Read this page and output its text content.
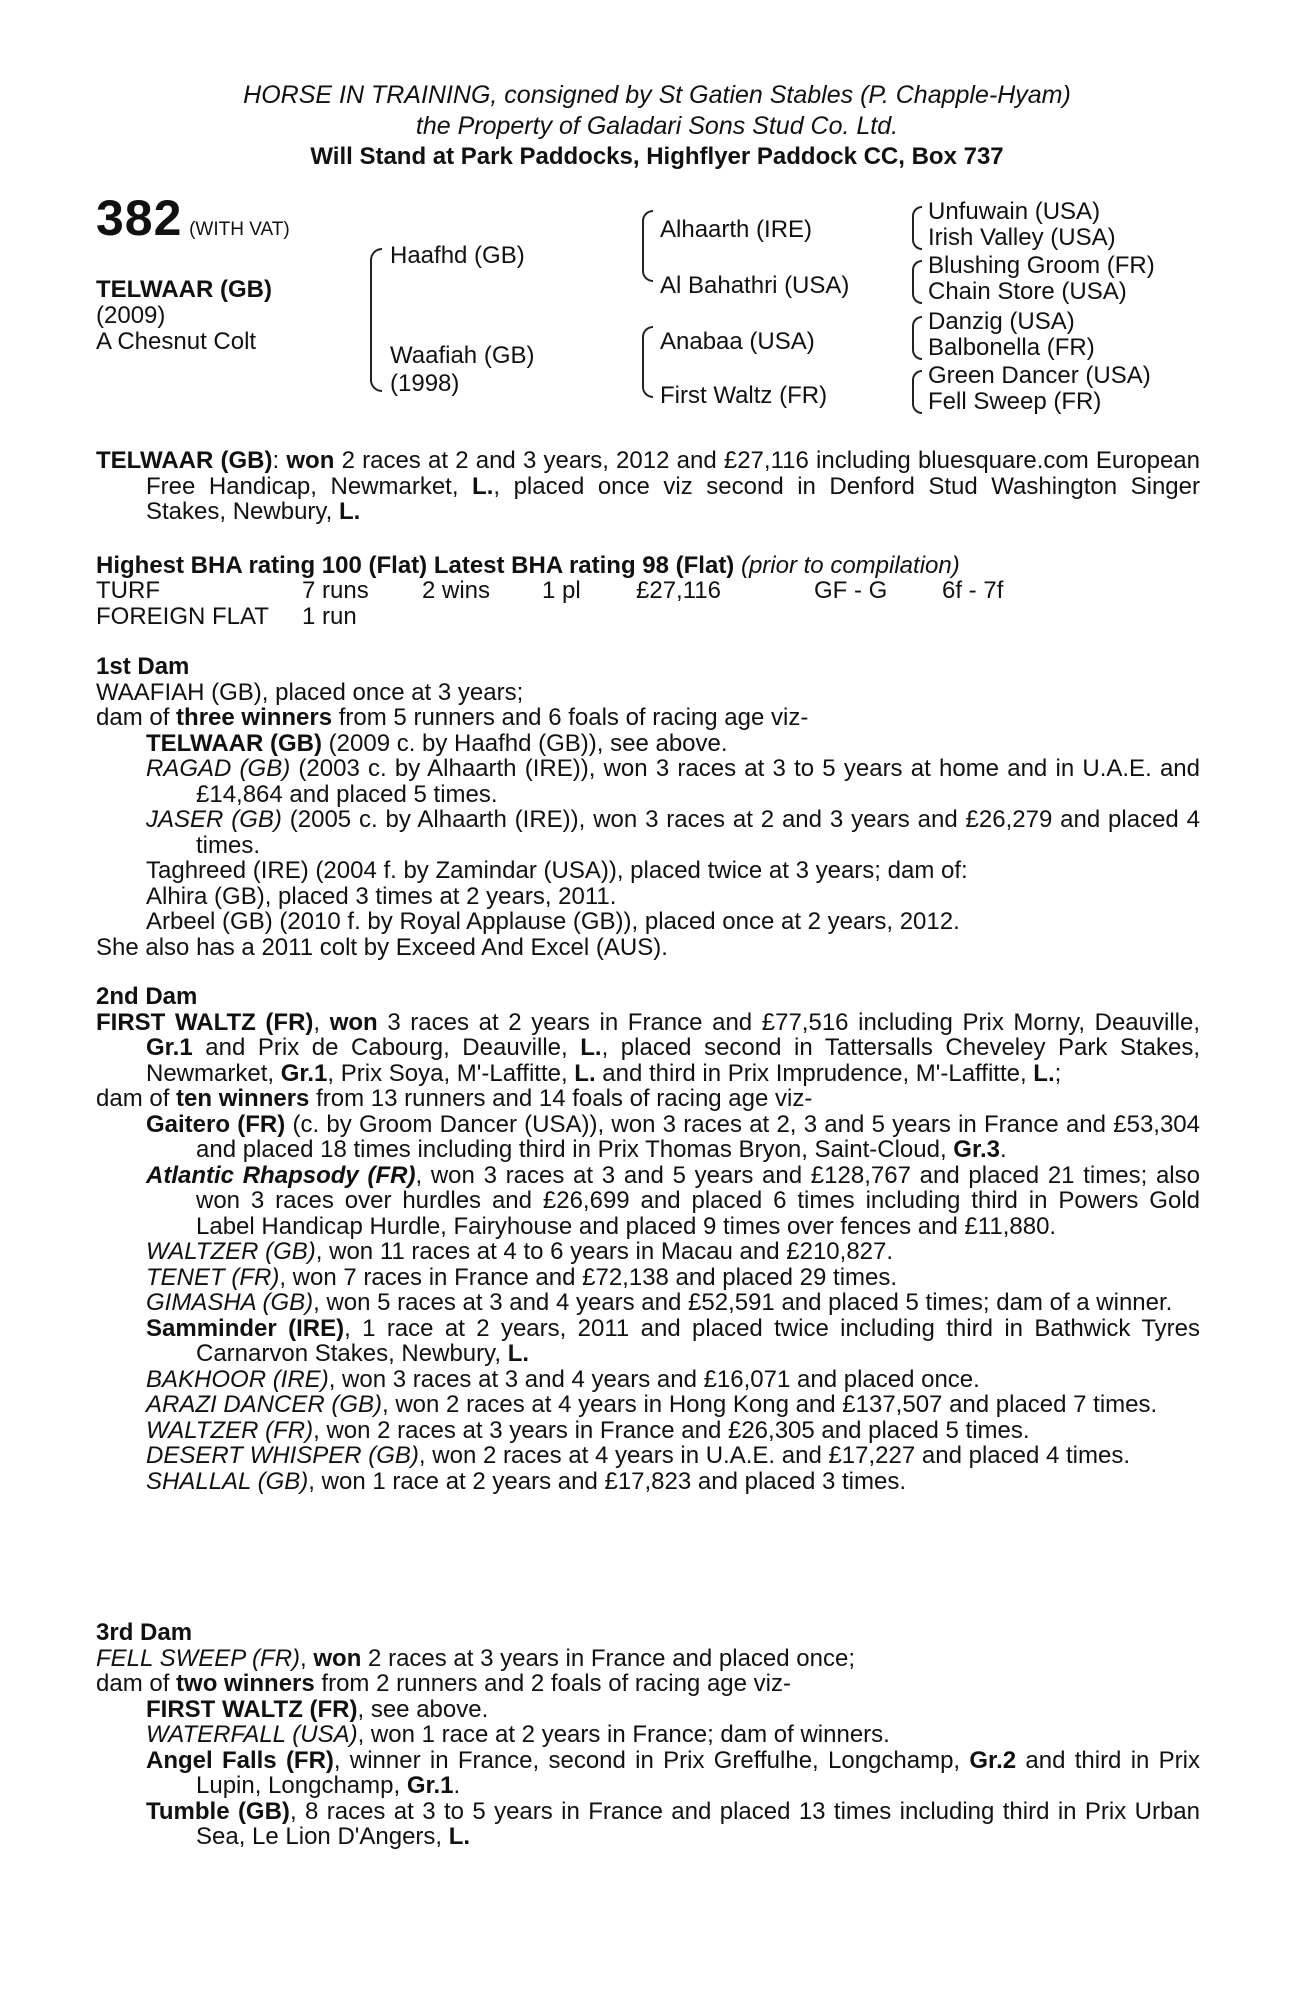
HORSE IN TRAINING, consigned by St Gatien Stables (P. Chapple-Hyam)
the Property of Galadari Sons Stud Co. Ltd.
Will Stand at Park Paddocks, Highflyer Paddock CC, Box 737
382 (WITH VAT)
TELWAAR (GB)
(2009)
A Chesnut Colt
Haafhd (GB)
Waafiah (GB)
(1998)
Alhaarth (IRE)
Al Bahathri (USA)
Anabaa (USA)
First Waltz (FR)
Unfuwain (USA)
Irish Valley (USA)
Blushing Groom (FR)
Chain Store (USA)
Danzig (USA)
Balbonella (FR)
Green Dancer (USA)
Fell Sweep (FR)

TELWAAR (GB): won 2 races at 2 and 3 years, 2012 and £27,116 including bluesquare.com European Free Handicap, Newmarket, L., placed once viz second in Denford Stud Washington Singer Stakes, Newbury, L.

Highest BHA rating 100 (Flat) Latest BHA rating 98 (Flat) (prior to compilation)

TURF	7 runs 2 wins 1 pl £27,116	GF - G 6f - 7f
FOREIGN FLAT 1 run

1st Dam

WAAFIAH (GB), placed once at 3 years;

dam of three winners from 5 runners and 6 foals of racing age viz-

TELWAAR (GB) (2009 c. by Haafhd (GB)), see above.

RAGAD (GB) (2003 c. by Alhaarth (IRE)), won 3 races at 3 to 5 years at home and in U.A.E. and £14,864 and placed 5 times.

JASER (GB) (2005 c. by Alhaarth (IRE)), won 3 races at 2 and 3 years and £26,279 and placed 4 times.

Taghreed (IRE) (2004 f. by Zamindar (USA)), placed twice at 3 years; dam of:

Alhira (GB), placed 3 times at 2 years, 2011.

Arbeel (GB) (2010 f. by Royal Applause (GB)), placed once at 2 years, 2012.

She also has a 2011 colt by Exceed And Excel (AUS).

2nd Dam

FIRST WALTZ (FR), won 3 races at 2 years in France and £77,516 including Prix Morny, Deauville, Gr.1 and Prix de Cabourg, Deauville, L., placed second in Tattersalls Cheveley Park Stakes, Newmarket, Gr.1, Prix Soya, M'-Laffitte, L. and third in Prix Imprudence, M'-Laffitte, L.;

dam of ten winners from 13 runners and 14 foals of racing age viz-

Gaitero (FR) (c. by Groom Dancer (USA)), won 3 races at 2, 3 and 5 years in France and £53,304 and placed 18 times including third in Prix Thomas Bryon, Saint-Cloud, Gr.3.

Atlantic Rhapsody (FR), won 3 races at 3 and 5 years and £128,767 and placed 21 times; also won 3 races over hurdles and £26,699 and placed 6 times including third in Powers Gold Label Handicap Hurdle, Fairyhouse and placed 9 times over fences and £11,880.

WALTZER (GB), won 11 races at 4 to 6 years in Macau and £210,827.

TENET (FR), won 7 races in France and £72,138 and placed 29 times.

GIMASHA (GB), won 5 races at 3 and 4 years and £52,591 and placed 5 times; dam of a winner.

Samminder (IRE), 1 race at 2 years, 2011 and placed twice including third in Bathwick Tyres Carnarvon Stakes, Newbury, L.

BAKHOOR (IRE), won 3 races at 3 and 4 years and £16,071 and placed once.

ARAZI DANCER (GB), won 2 races at 4 years in Hong Kong and £137,507 and placed 7 times.

WALTZER (FR), won 2 races at 3 years in France and £26,305 and placed 5 times.

DESERT WHISPER (GB), won 2 races at 4 years in U.A.E. and £17,227 and placed 4 times.

SHALLAL (GB), won 1 race at 2 years and £17,823 and placed 3 times.

3rd Dam

FELL SWEEP (FR), won 2 races at 3 years in France and placed once;

dam of two winners from 2 runners and 2 foals of racing age viz-

FIRST WALTZ (FR), see above.

WATERFALL (USA), won 1 race at 2 years in France; dam of winners.

Angel Falls (FR), winner in France, second in Prix Greffulhe, Longchamp, Gr.2 and third in Prix Lupin, Longchamp, Gr.1.

Tumble (GB), 8 races at 3 to 5 years in France and placed 13 times including third in Prix Urban Sea, Le Lion D'Angers, L.
